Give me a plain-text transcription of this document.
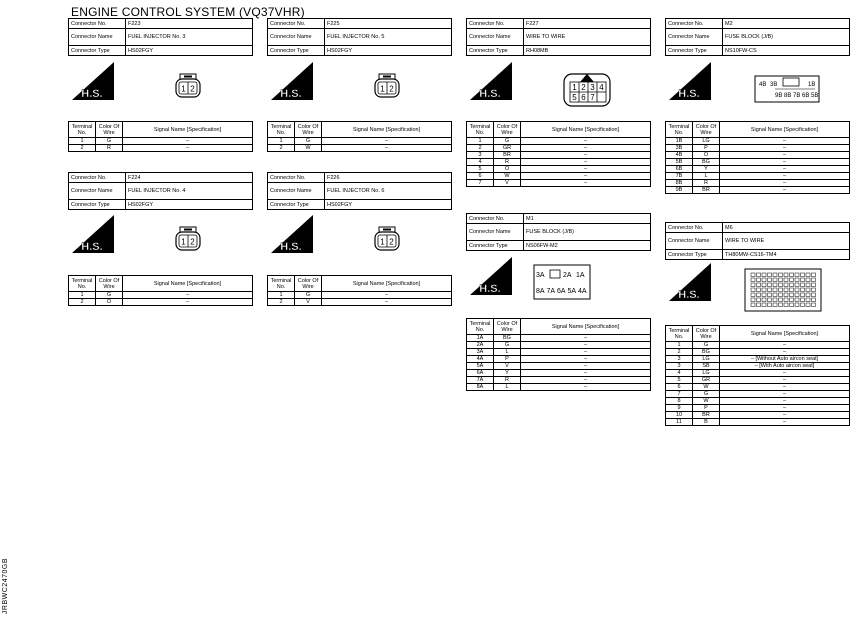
ENGINE CONTROL SYSTEM (VQ37VHR)
JRBWC2470GB
Connector No.	F223
Connector Name	FUEL INJECTOR No. 3
Connector Type	HS02FGY
H.S.	1 2
Terminal No.	Color Of Wire	Signal Name [Specification]
1	G	–
2	R	–
Connector No.	F225
Connector Name	FUEL INJECTOR No. 5
Connector Type	HS02FGY
H.S.	1 2
Terminal No.	Color Of Wire	Signal Name [Specification]
1	G	–
2	W	–
Connector No.	F227
Connector Name	WIRE TO WIRE
Connector Type	RH08MB
H.S.
1 2 3 4
5 6 7
Terminal No.	Color Of Wire	Signal Name [Specification]
1	G	–
2	GR	–
3	BR	–
4	R	–
5	O	–
6	W	–
7	V	–
Connector No.	M2
Connector Name	FUSE BLOCK (J/B)
Connector Type	NS10FW-CS
H.S.
4B 3B	1B
9B 8B 7B 6B 5B
Terminal No.	Color Of Wire	Signal Name [Specification]
1B	LG	–
3B	P	–
4B	O	–
5B	BG	–
6B	Y	–
7B	L	–
8B	R	–
9B	BR	–
Connector No.	F224
Connector Name	FUEL INJECTOR No. 4
Connector Type	HS02FGY
H.S.	1 2
Terminal No.	Color Of Wire	Signal Name [Specification]
1	G	–
2	O	–
Connector No.	F226
Connector Name	FUEL INJECTOR No. 6
Connector Type	HS02FGY
H.S.	1 2
Terminal No.	Color Of Wire	Signal Name [Specification]
1	G	–
2	V	–
Connector No.	M1
Connector Name	FUSE BLOCK (J/B)
Connector Type	NS06FW-M2
H.S.
3A	2A 1A
8A 7A 6A 5A 4A
Terminal No.	Color Of Wire	Signal Name [Specification]
1A	BG	–
2A	G	–
3A	L	–
4A	P	–
5A	V	–
6A	Y	–
7A	R	–
8A	L	–
Connector No.	M6
Connector Name	WIRE TO WIRE
Connector Type	TH80MW-CS16-TM4
H.S.
Terminal No.	Color Of Wire	Signal Name [Specification]
1	G	–
2	BG	–
3	LG	– [Without Auto aircon seat]
3	SB	– [With Auto aircon seat]
4	LG	–
5	GR	–
6	W	–
7	G	–
8	W	–
9	P	–
10	BR	–
11	B	–
